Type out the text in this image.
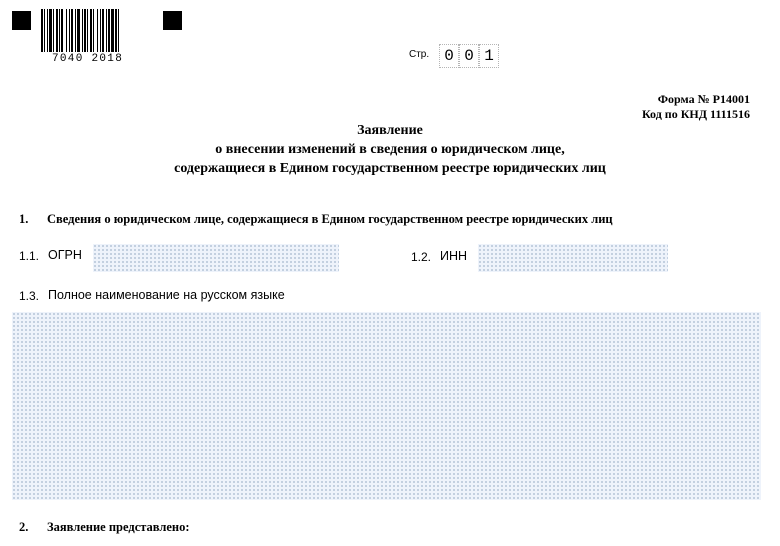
7040 2018	Стр. 0 0 1
Форма № Р14001
Код по КНД 1111516
Заявление
о внесении изменений в сведения о юридическом лице,
содержащиеся в Едином государственном реестре юридических лиц
1. Сведения о юридическом лице, содержащиеся в Едином государственном реестре юридических лиц
1.1. ОГРН	1.2. ИНН
1.3. Полное наименование на русском языке
2. Заявление представлено:
